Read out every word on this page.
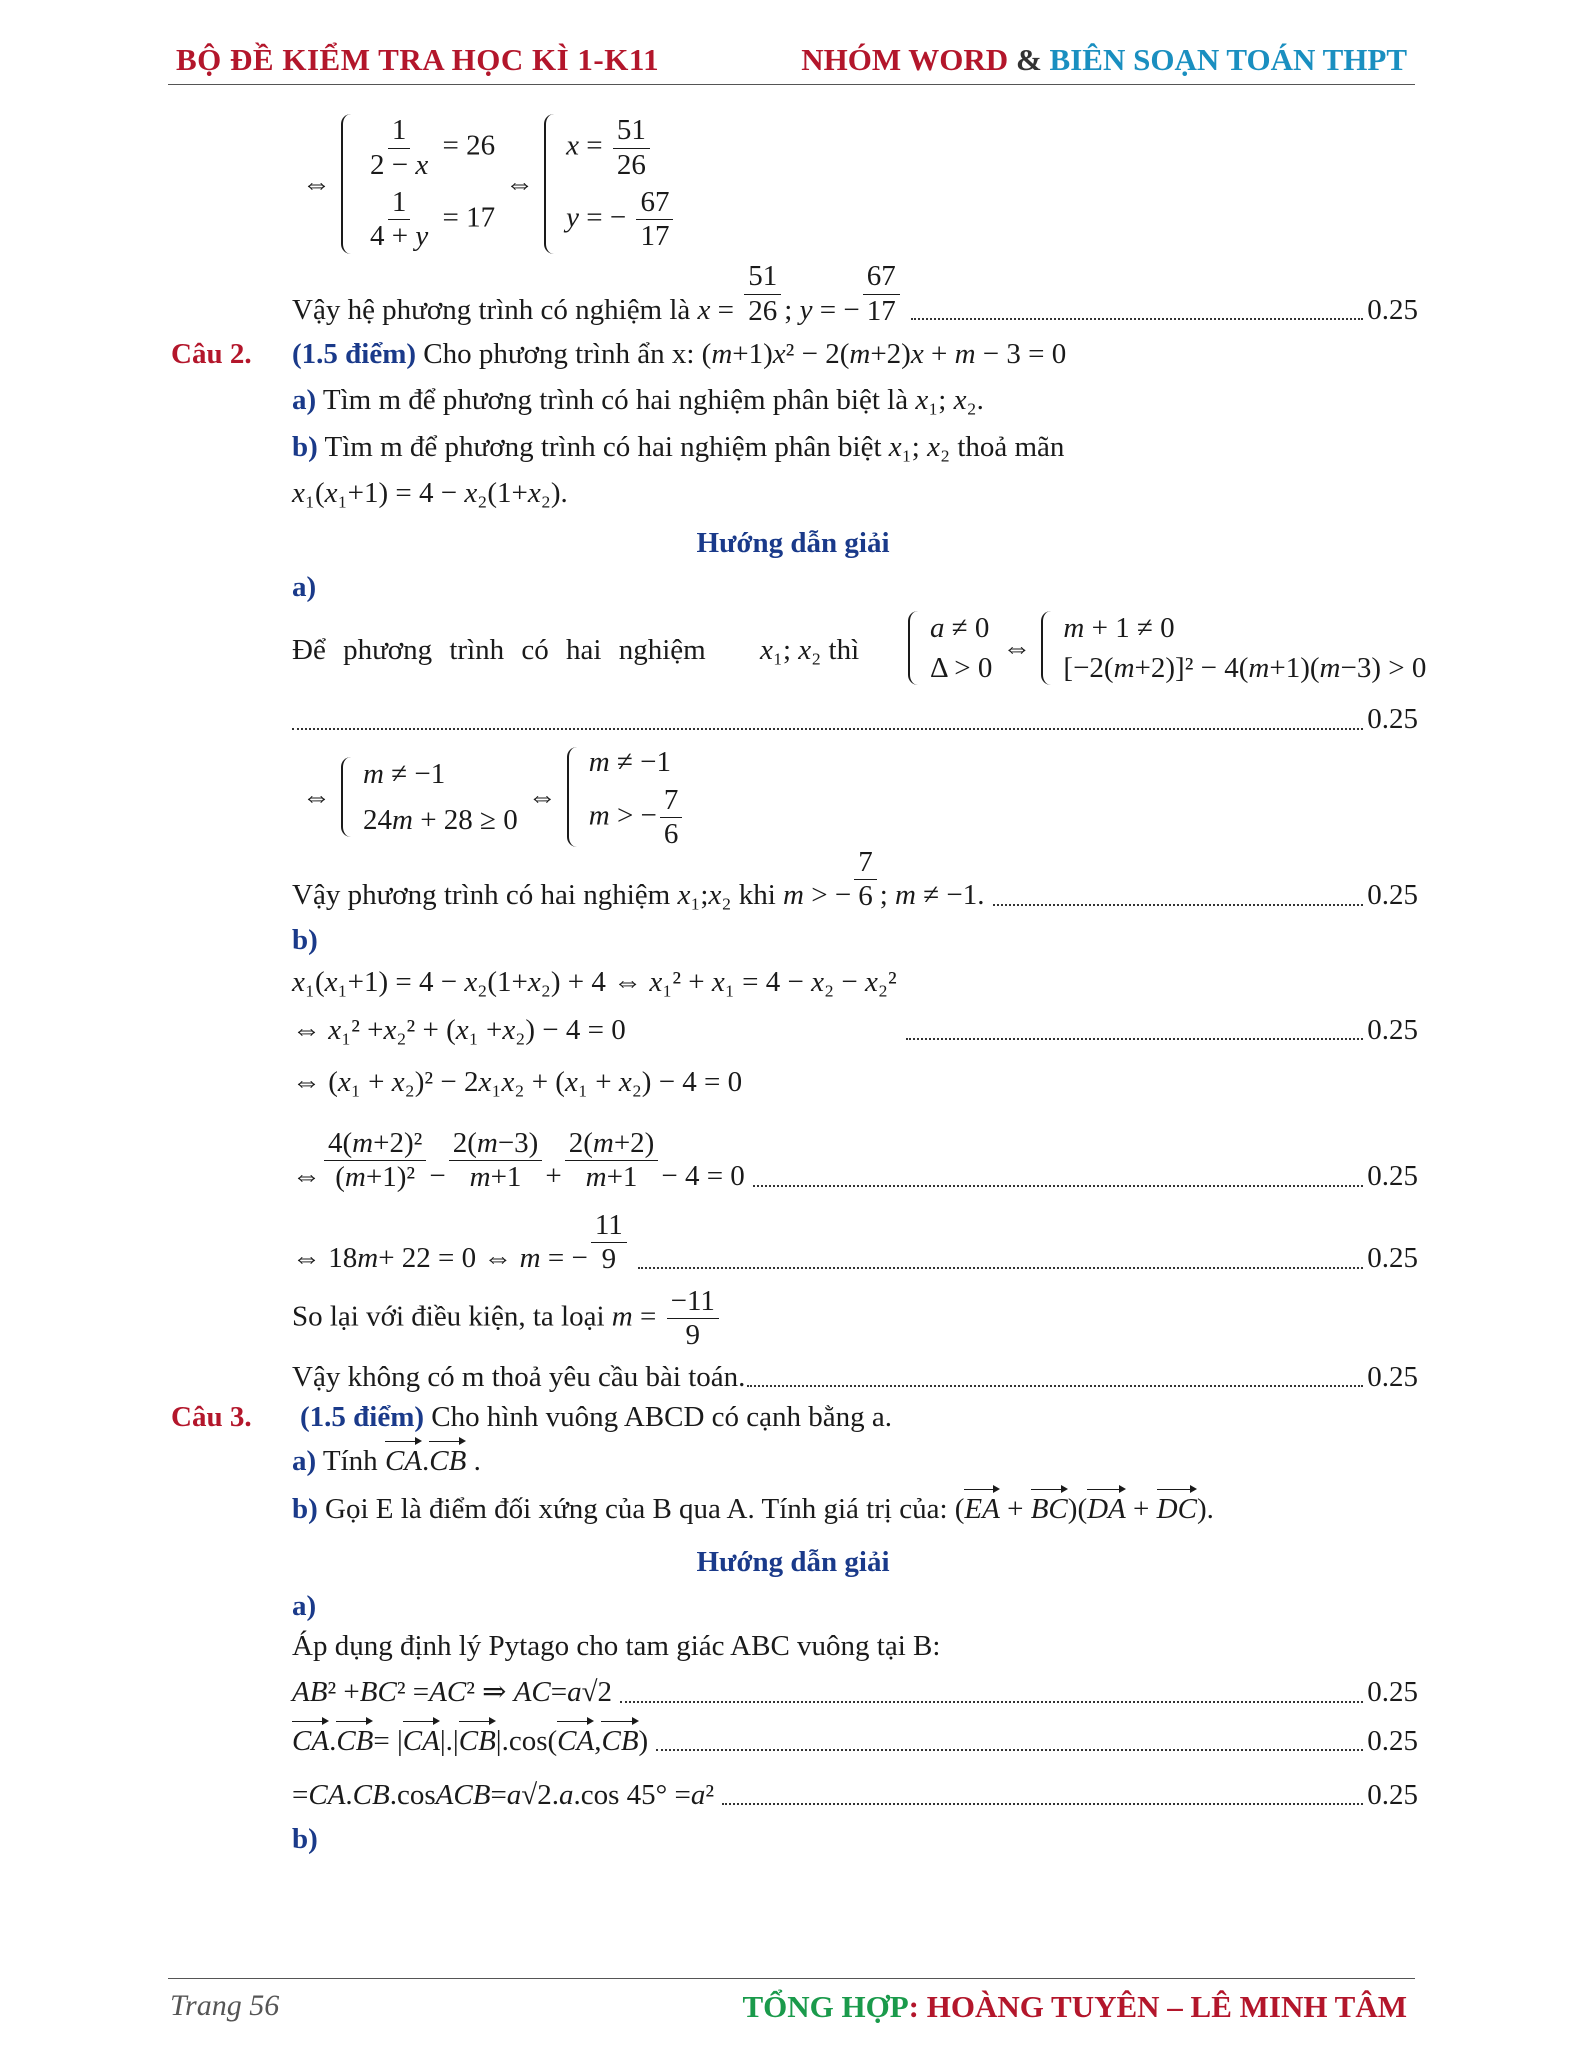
BỘ ĐỀ KIỂM TRA HỌC KÌ 1-K11	NHÓM WORD & BIÊN SOẠN TOÁN THPT
⇔
$\frac{1}{2 - x} = 26$
$\frac{1}{4 + y} = 17$
⇔
$x = \frac{51}{26}$
y = − $\frac{67}{17}$
Vậy hệ phương trình có nghiệm là
$x = \frac{51}{26}$ ; y = − $\frac{67}{17}$	0.25
Câu 2. (1.5 điểm) Cho phương trình ẩn x: (m+1)x² − 2(m+2)x + m − 3 = 0
a) Tìm m để phương trình có hai nghiệm phân biệt là x₁; x₂.
b) Tìm m để phương trình có hai nghiệm phân biệt x₁; x₂ thoả mãn
x₁(x₁+1) = 4 − x₂(1+x₂).
Hướng dẫn giải
a)
Để phương trình có hai nghiệm x₁; x₂ thì
a ≠ 0
Δ > 0
⇔
m + 1 ≠ 0
[−2(m+2)]² − 4(m+1)(m−3) > 0
0.25
⇔
m ≠ −1
24m + 28 ≥ 0
⇔
m ≠ −1
m > − $\frac{7}{6}$
Vậy phương trình có hai nghiệm
x ₁; x ₂ khi
m > − $\frac{7}{6}$ ; m ≠ −1.	0.25
b)
x₁(x₁+1) = 4 − x₂(1+x₂) + 4 ⇔ x₁² + x₁ = 4 − x₂ − x₂²
⇔ x ₁² + x ₂² + ( x ₁ + x ₂) − 4 = 0	0.25
⇔ (x₁ + x₂)² − 2x₁x₂ + (x₁ + x₂) − 4 = 0
⇔ $\frac{\text{4(m+2)²}}{\text{(m+1)²}} - \frac{2(m-3)}{m+1} + \frac{2(m+2)}{m+1} - 4 = 0$	0.25
⇔ 18 m + 22 = 0 ⇔ m = − $\frac{11}{9}$	0.25
So lại với điều kiện, ta loại $m = \frac{-11}{9}$
Vậy không có m thoả yêu cầu bài toán.	0.25
Câu 3. (1.5 điểm) Cho hình vuông ABCD có cạnh bằng a.
a) Tính CA.CB .
b) Gọi E là điểm đối xứng của B qua A. Tính giá trị của: (EA + BC)(DA + DC).
Hướng dẫn giải
a)
Áp dụng định lý Pytago cho tam giác ABC vuông tại B:
AB ² + BC ² = AC ² ⇒ AC = a √2	0.25
CA . CB = | CA |.| CB |.cos( CA , CB )	0.25
= CA . CB .cos ACB = a √2. a .cos 45° = a ²	0.25
b)
Trang 56	TỔNG HỢP: HOÀNG TUYÊN – LÊ MINH TÂM
